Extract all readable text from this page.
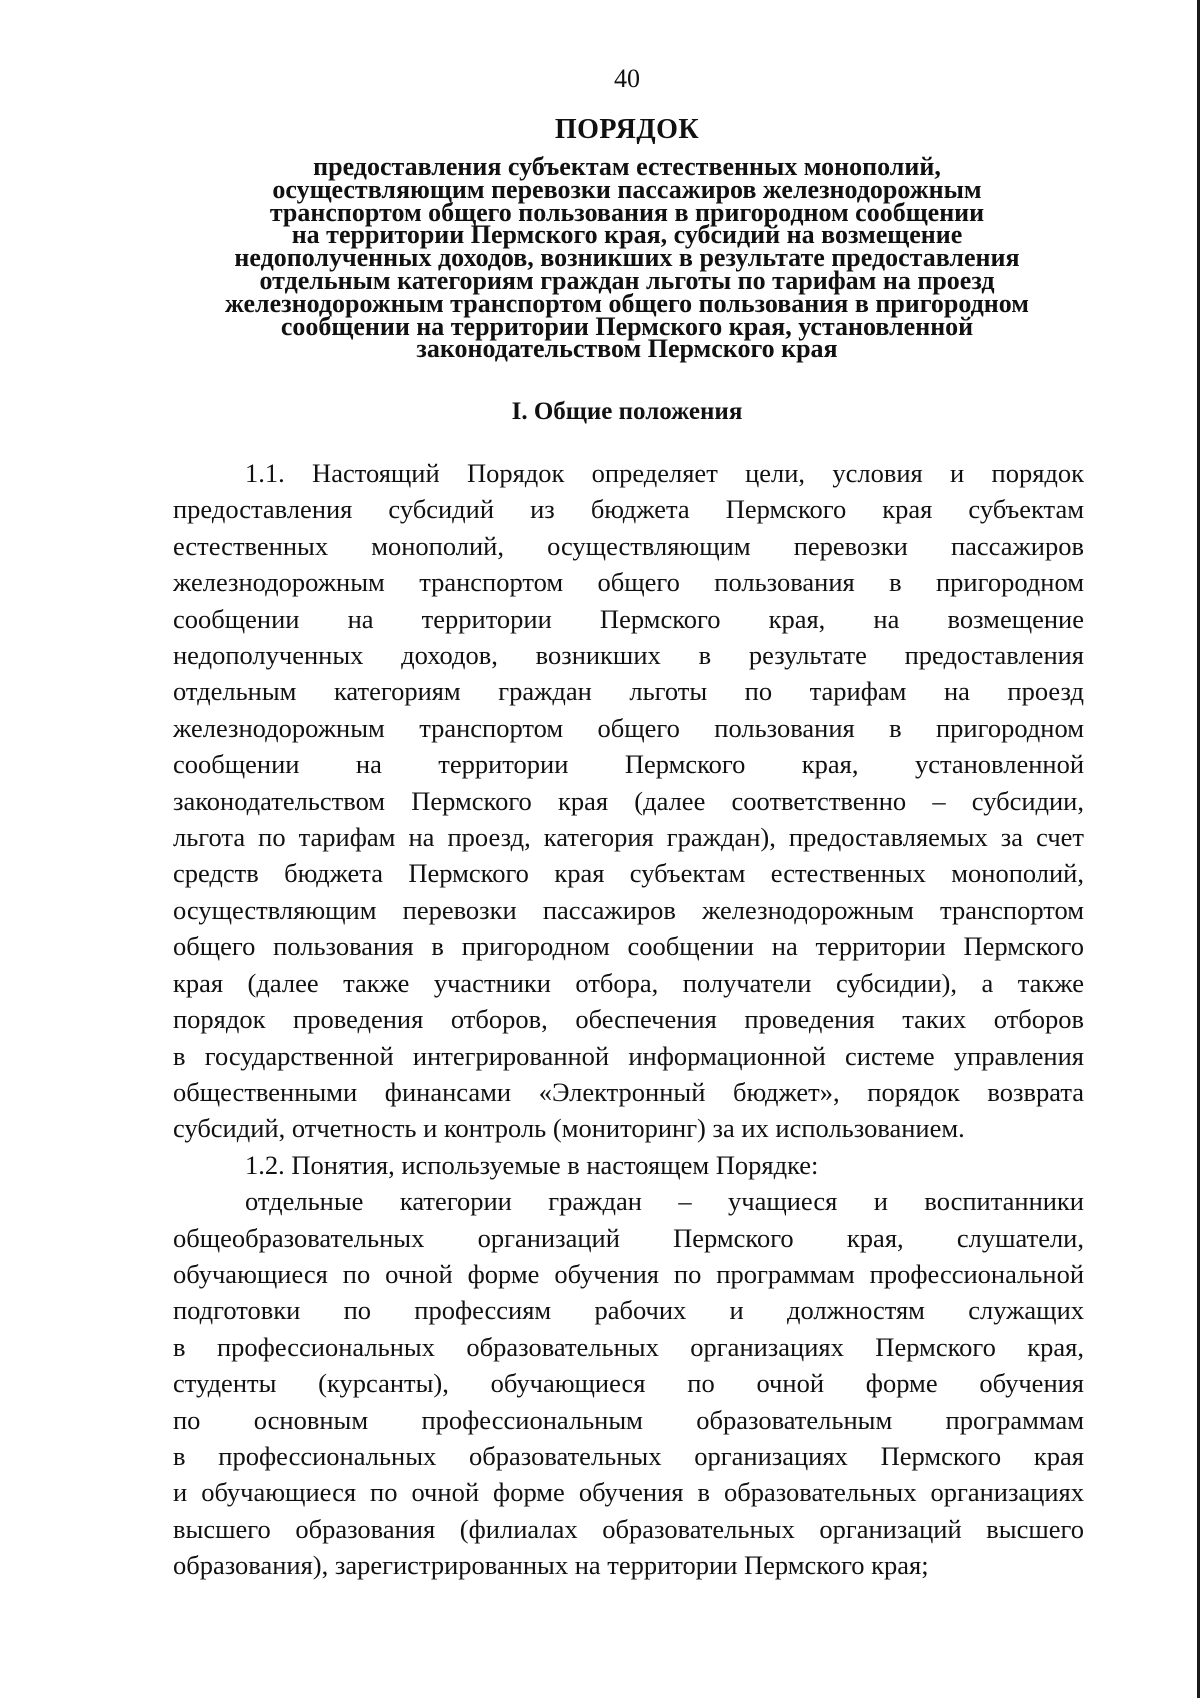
40
ПОРЯДОК
предоставления субъектам естественных монополий,
осуществляющим перевозки пассажиров железнодорожным
транспортом общего пользования в пригородном сообщении
на территории Пермского края, субсидий на возмещение
недополученных доходов, возникших в результате предоставления
отдельным категориям граждан льготы по тарифам на проезд
железнодорожным транспортом общего пользования в пригородном
сообщении на территории Пермского края, установленной
законодательством Пермского края
I. Общие положения
1.1. Настоящий Порядок определяет цели, условия и порядок
предоставления субсидий из бюджета Пермского края субъектам
естественных монополий, осуществляющим перевозки пассажиров
железнодорожным транспортом общего пользования в пригородном
сообщении на территории Пермского края, на возмещение
недополученных доходов, возникших в результате предоставления
отдельным категориям граждан льготы по тарифам на проезд
железнодорожным транспортом общего пользования в пригородном
сообщении на территории Пермского края, установленной
законодательством Пермского края (далее соответственно – субсидии,
льгота по тарифам на проезд, категория граждан), предоставляемых за счет
средств бюджета Пермского края субъектам естественных монополий,
осуществляющим перевозки пассажиров железнодорожным транспортом
общего пользования в пригородном сообщении на территории Пермского
края (далее также участники отбора, получатели субсидии), а также
порядок проведения отборов, обеспечения проведения таких отборов
в государственной интегрированной информационной системе управления
общественными финансами «Электронный бюджет», порядок возврата
субсидий, отчетность и контроль (мониторинг) за их использованием.
1.2. Понятия, используемые в настоящем Порядке:
отдельные категории граждан – учащиеся и воспитанники
общеобразовательных организаций Пермского края, слушатели,
обучающиеся по очной форме обучения по программам профессиональной
подготовки по профессиям рабочих и должностям служащих
в профессиональных образовательных организациях Пермского края,
студенты (курсанты), обучающиеся по очной форме обучения
по основным профессиональным образовательным программам
в профессиональных образовательных организациях Пермского края
и обучающиеся по очной форме обучения в образовательных организациях
высшего образования (филиалах образовательных организаций высшего
образования), зарегистрированных на территории Пермского края;
